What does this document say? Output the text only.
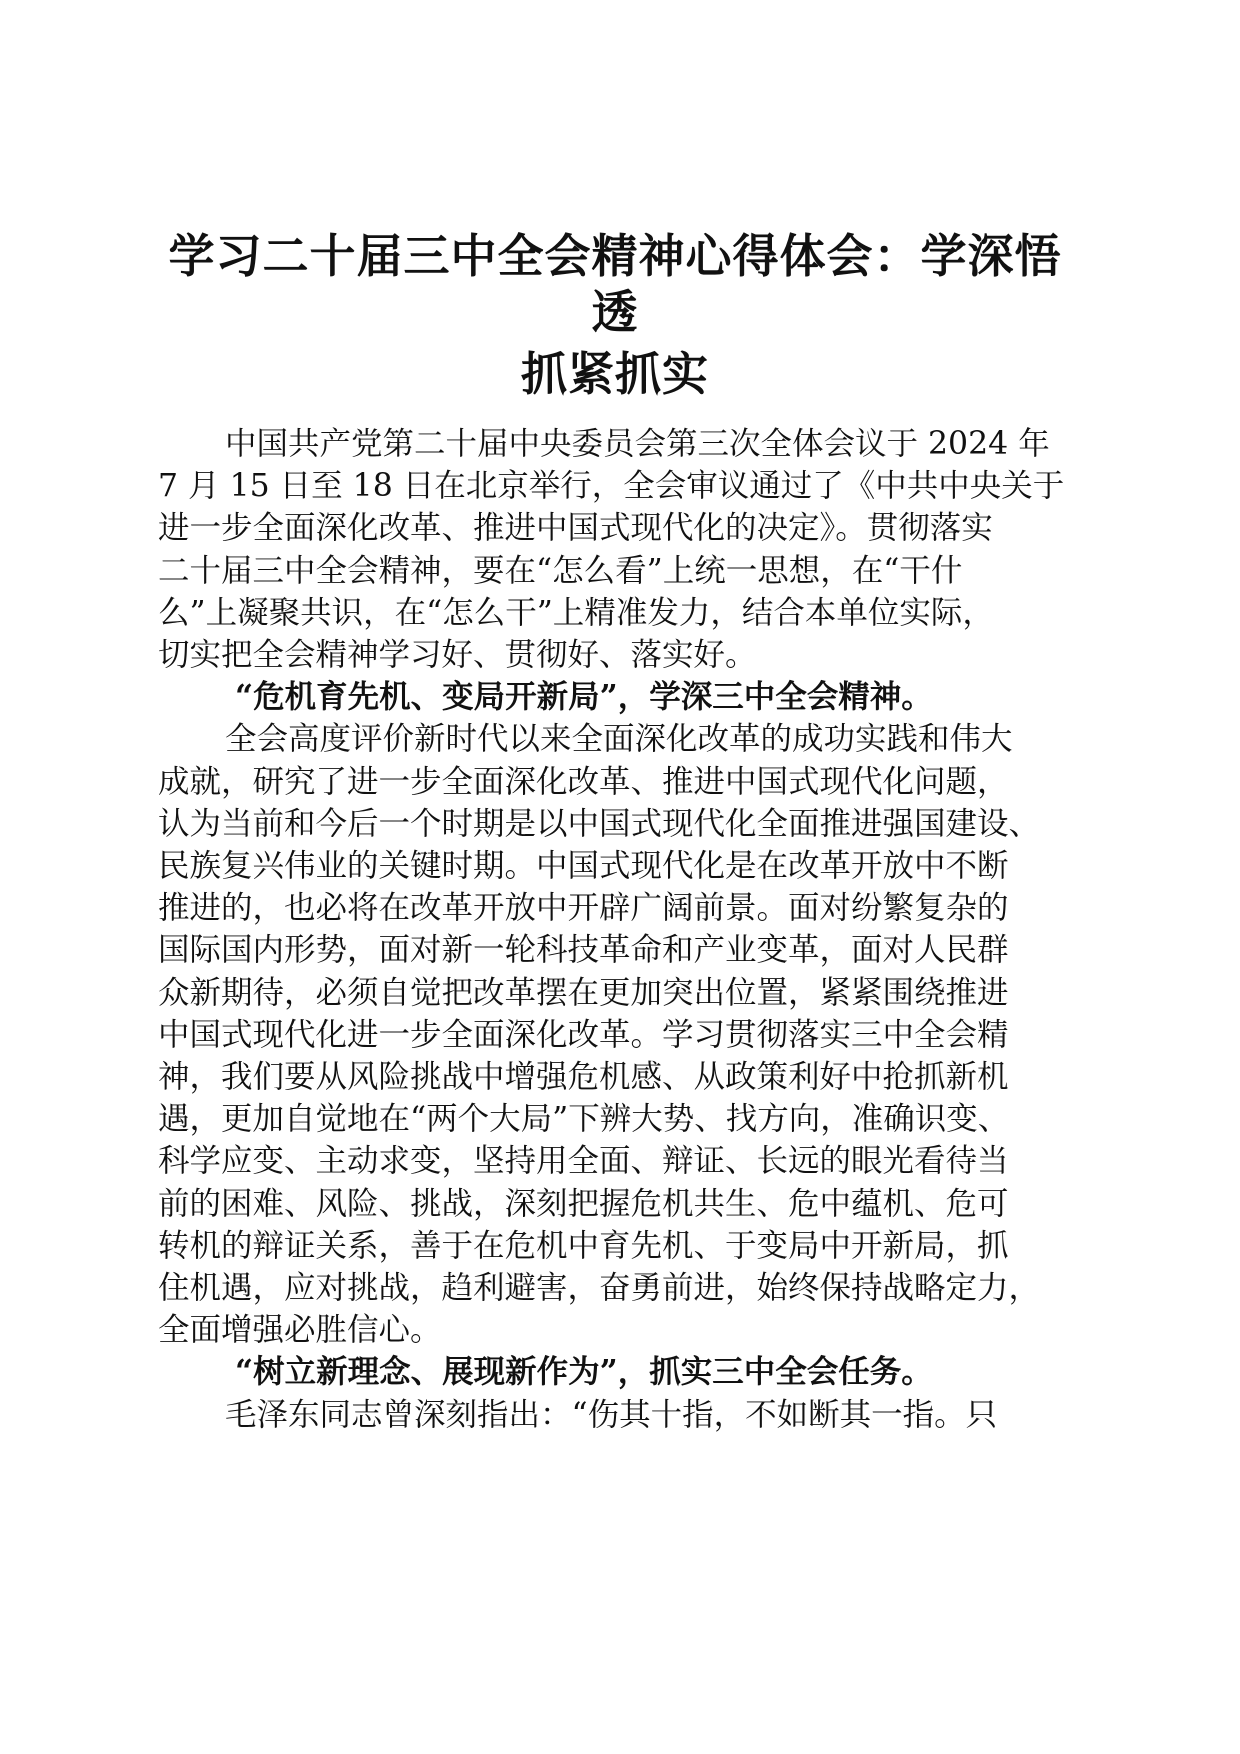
学习二十届三中全会精神心得体会：学深悟透
抓紧抓实

中国共产党第二十届中央委员会第三次全体会议于 2024 年

7 月 15 日至 18 日在北京举行，全会审议通过了《中共中央关于

进一步全面深化改革、推进中国式现代化的决定》。贯彻落实

二十届三中全会精神，要在“怎么看”上统一思想，在“干什

么”上凝聚共识，在“怎么干”上精准发力，结合本单位实际，

切实把全会精神学习好、贯彻好、落实好。

“危机育先机、变局开新局”，学深三中全会精神。

全会高度评价新时代以来全面深化改革的成功实践和伟大

成就，研究了进一步全面深化改革、推进中国式现代化问题，

认为当前和今后一个时期是以中国式现代化全面推进强国建设、

民族复兴伟业的关键时期。中国式现代化是在改革开放中不断

推进的，也必将在改革开放中开辟广阔前景。面对纷繁复杂的

国际国内形势，面对新一轮科技革命和产业变革，面对人民群

众新期待，必须自觉把改革摆在更加突出位置，紧紧围绕推进

中国式现代化进一步全面深化改革。学习贯彻落实三中全会精

神，我们要从风险挑战中增强危机感、从政策利好中抢抓新机

遇，更加自觉地在“两个大局”下辨大势、找方向，准确识变、

科学应变、主动求变，坚持用全面、辩证、长远的眼光看待当

前的困难、风险、挑战，深刻把握危机共生、危中蕴机、危可

转机的辩证关系，善于在危机中育先机、于变局中开新局，抓

住机遇，应对挑战，趋利避害，奋勇前进，始终保持战略定力，

全面增强必胜信心。

“树立新理念、展现新作为”，抓实三中全会任务。

毛泽东同志曾深刻指出：“伤其十指，不如断其一指。只
